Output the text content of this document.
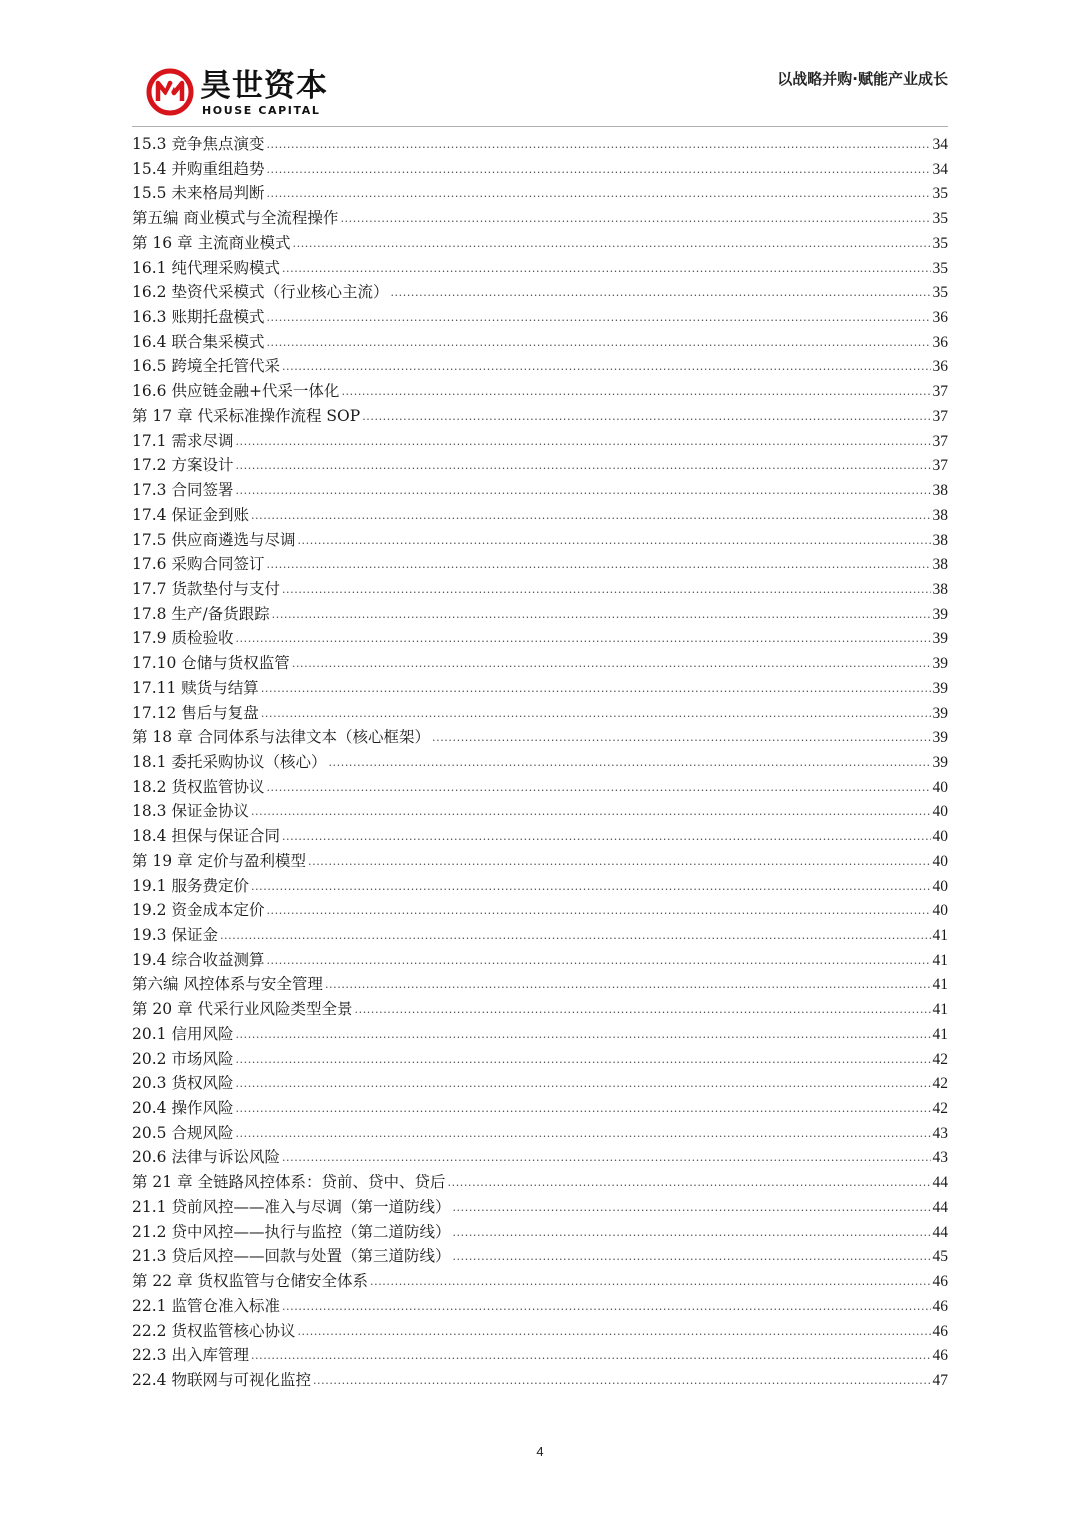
昊世资本
HOUSE CAPITAL
以战略并购·赋能产业成长
15.3 竞争焦点演变 .....	34
15.4 并购重组趋势 .....	34
15.5 未来格局判断 .....	35
第五编 商业模式与全流程操作 .....	35
第 16 章 主流商业模式 .....	35
16.1 纯代理采购模式 .....	35
16.2 垫资代采模式（行业核心主流） .....	35
16.3 账期托盘模式 .....	36
16.4 联合集采模式 .....	36
16.5 跨境全托管代采 .....	36
16.6 供应链金融+代采一体化 .....	37
第 17 章 代采标准操作流程 SOP .....	37
17.1 需求尽调 .....	37
17.2 方案设计 .....	37
17.3 合同签署 .....	38
17.4 保证金到账 .....	38
17.5 供应商遴选与尽调 .....	38
17.6 采购合同签订 .....	38
17.7 货款垫付与支付 .....	38
17.8 生产/备货跟踪 .....	39
17.9 质检验收 .....	39
17.10 仓储与货权监管 .....	39
17.11 赎货与结算 .....	39
17.12 售后与复盘 .....	39
第 18 章 合同体系与法律文本（核心框架） .....	39
18.1 委托采购协议（核心） .....	39
18.2 货权监管协议 .....	40
18.3 保证金协议 .....	40
18.4 担保与保证合同 .....	40
第 19 章 定价与盈利模型 .....	40
19.1 服务费定价 .....	40
19.2 资金成本定价 .....	40
19.3 保证金 .....	41
19.4 综合收益测算 .....	41
第六编 风控体系与安全管理 .....	41
第 20 章 代采行业风险类型全景 .....	41
20.1 信用风险 .....	41
20.2 市场风险 .....	42
20.3 货权风险 .....	42
20.4 操作风险 .....	42
20.5 合规风险 .....	43
20.6 法律与诉讼风险 .....	43
第 21 章 全链路风控体系：贷前、贷中、贷后 .....	44
21.1 贷前风控——准入与尽调（第一道防线） .....	44
21.2 贷中风控——执行与监控（第二道防线） .....	44
21.3 贷后风控——回款与处置（第三道防线） .....	45
第 22 章 货权监管与仓储安全体系 .....	46
22.1 监管仓准入标准 .....	46
22.2 货权监管核心协议 .....	46
22.3 出入库管理 .....	46
22.4 物联网与可视化监控 .....	47
4
